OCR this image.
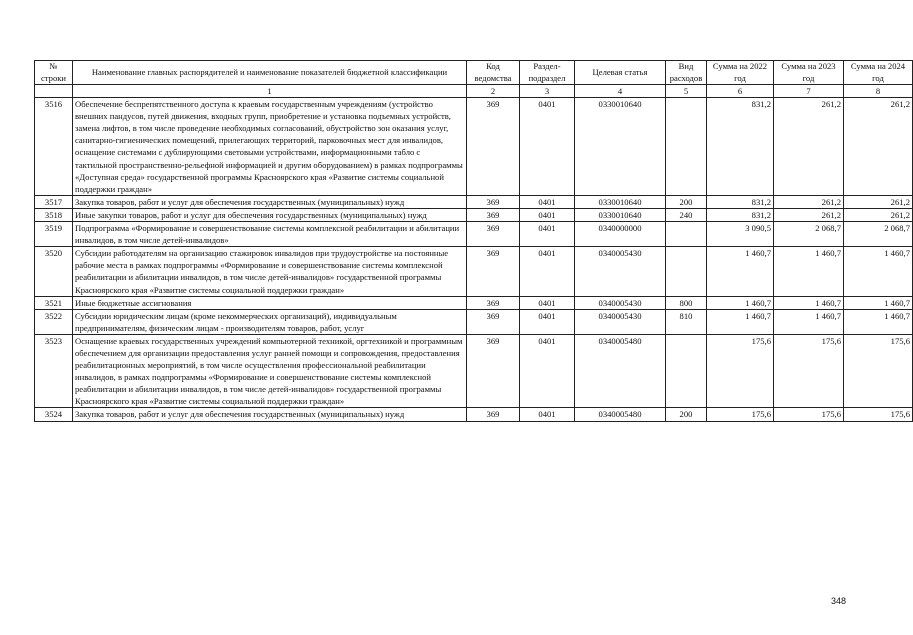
№ строки	Наименование главных распорядителей и наименование показателей бюджетной классификации	Код ведомства	Раздел-подраздел	Целевая статья	Вид расходов	Сумма на 2022 год	Сумма на 2023 год	Сумма на 2024 год
	1	2	3	4	5	6	7	8
3516	Обеспечение беспрепятственного доступа к краевым государственным учреждениям (устройство внешних пандусов, путей движения, входных групп, приобретение и установка подъемных устройств, замена лифтов, в том числе проведение необходимых согласований, обустройство зон оказания услуг, санитарно-гигиенических помещений, прилегающих территорий, парковочных мест для инвалидов, оснащение системами с дублирующими световыми устройствами, информационными табло с тактильной пространственно-рельефной информацией и другим оборудованием) в рамках подпрограммы «Доступная среда» государственной программы Красноярского края «Развитие системы социальной поддержки граждан»	369	0401	0330010640		831,2	261,2	261,2
3517	Закупка товаров, работ и услуг для обеспечения государственных (муниципальных) нужд	369	0401	0330010640	200	831,2	261,2	261,2
3518	Иные закупки товаров, работ и услуг для обеспечения государственных (муниципальных) нужд	369	0401	0330010640	240	831,2	261,2	261,2
3519	Подпрограмма «Формирование и совершенствование системы комплексной реабилитации и абилитации инвалидов, в том числе детей-инвалидов»	369	0401	0340000000		3 090,5	2 068,7	2 068,7
3520	Субсидии работодателям на организацию стажировок инвалидов при трудоустройстве на постоянные рабочие места в рамках подпрограммы «Формирование и совершенствование системы комплексной реабилитации и абилитации инвалидов, в том числе детей-инвалидов» государственной программы Красноярского края «Развитие системы социальной поддержки граждан»	369	0401	0340005430		1 460,7	1 460,7	1 460,7
3521	Иные бюджетные ассигнования	369	0401	0340005430	800	1 460,7	1 460,7	1 460,7
3522	Субсидии юридическим лицам (кроме некоммерческих организаций), индивидуальным предпринимателям, физическим лицам - производителям товаров, работ, услуг	369	0401	0340005430	810	1 460,7	1 460,7	1 460,7
3523	Оснащение краевых государственных учреждений компьютерной техникой, оргтехникой и программным обеспечением для организации предоставления услуг ранней помощи и сопровождения, предоставления реабилитационных мероприятий, в том числе осуществления профессиональной реабилитации инвалидов, в рамках подпрограммы «Формирование и совершенствование системы комплексной реабилитации и абилитации инвалидов, в том числе детей-инвалидов» государственной программы Красноярского края «Развитие системы социальной поддержки граждан»	369	0401	0340005480		175,6	175,6	175,6
3524	Закупка товаров, работ и услуг для обеспечения государственных (муниципальных) нужд	369	0401	0340005480	200	175,6	175,6	175,6
348
